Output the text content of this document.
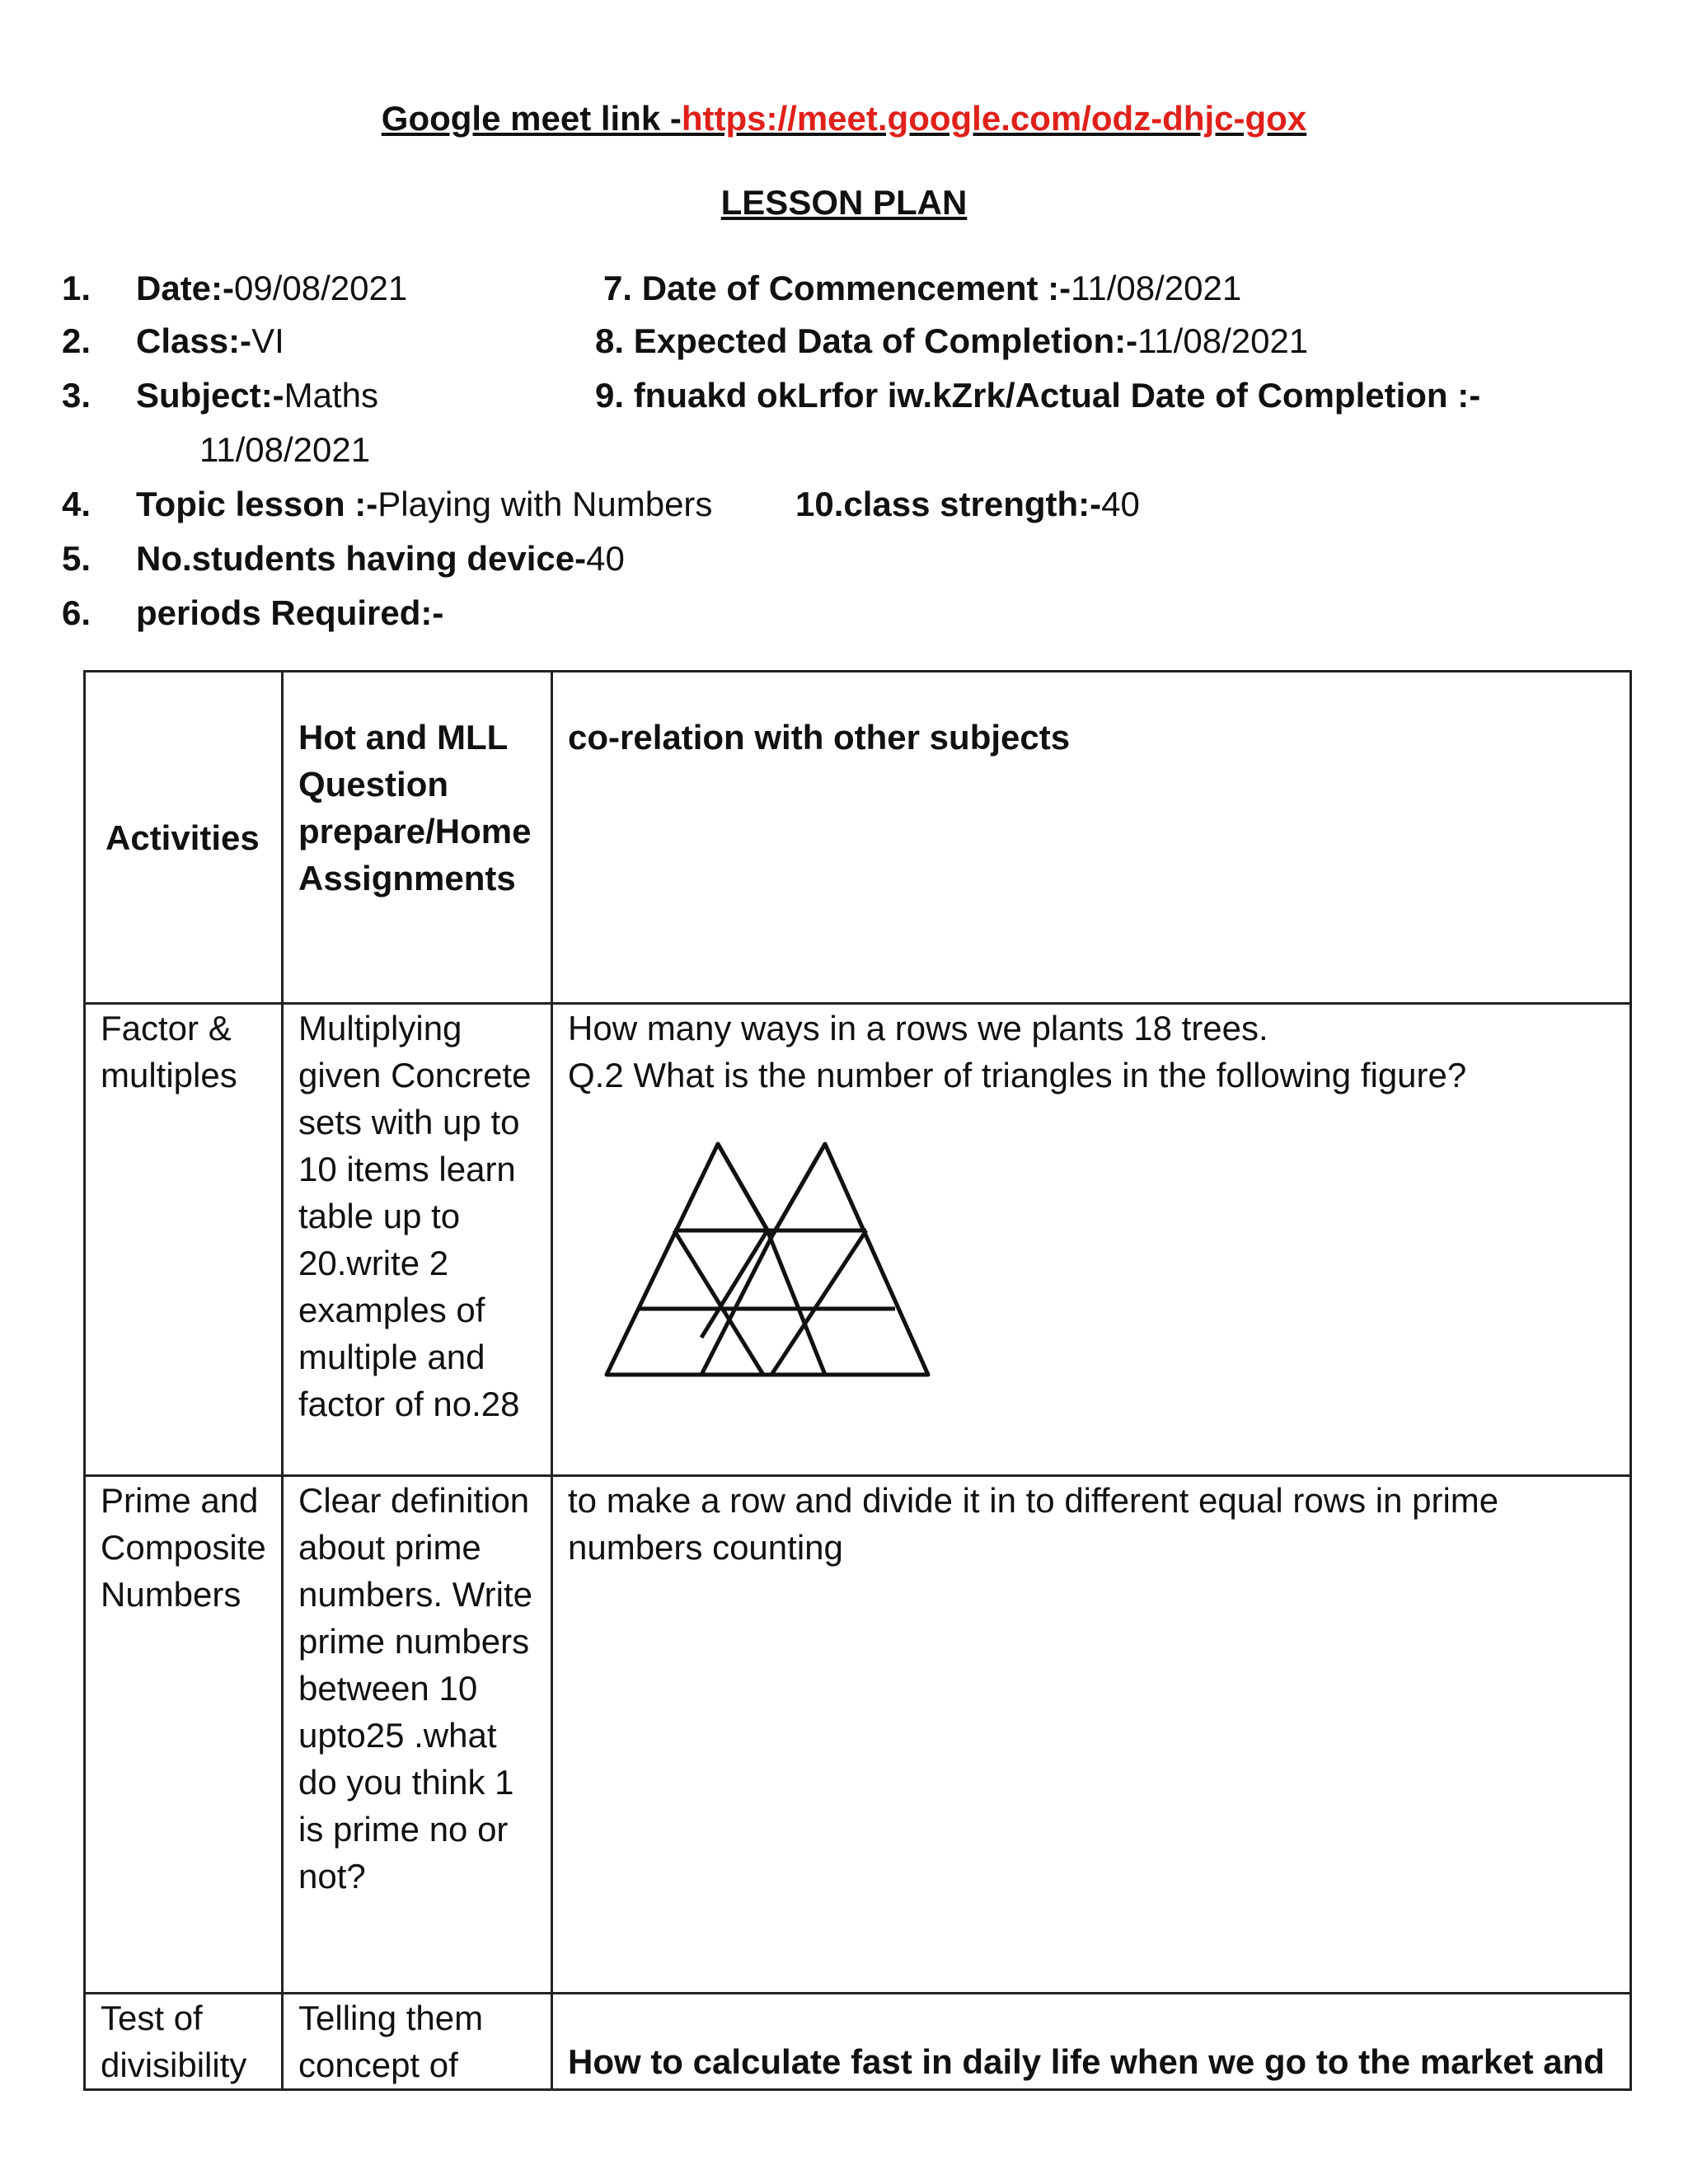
Google meet link -https://meet.google.com/odz-dhjc-gox
LESSON PLAN
1. Date:-09/08/2021
2. Class:-VI
3. Subject:-Maths
11/08/2021
4. Topic lesson :-Playing with Numbers
5. No.students having device-40
6. periods Required:-
7. Date of Commencement :-11/08/2021
8. Expected Data of Completion:-11/08/2021
9. fnuakd okLrfor iw.kZrk/Actual Date of Completion :-
10.class strength:-40
Activities	Hot and MLL Question prepare/Home Assignments	co-relation with other subjects
Factor & multiples	Multiplying given Concrete sets with up to 10 items learn table up to 20.write 2 examples of multiple and factor of no.28	How many ways in a rows we plants 18 trees.
Q.2 What is the number of triangles in the following figure?

Prime and Composite Numbers	Clear definition about prime numbers. Write prime numbers between 10 upto25 .what do you think 1 is prime no or not?	to make a row and divide it in to different equal rows in prime numbers counting
Test of divisibility	Telling them concept of	How to calculate fast in daily life when we go to the market and
